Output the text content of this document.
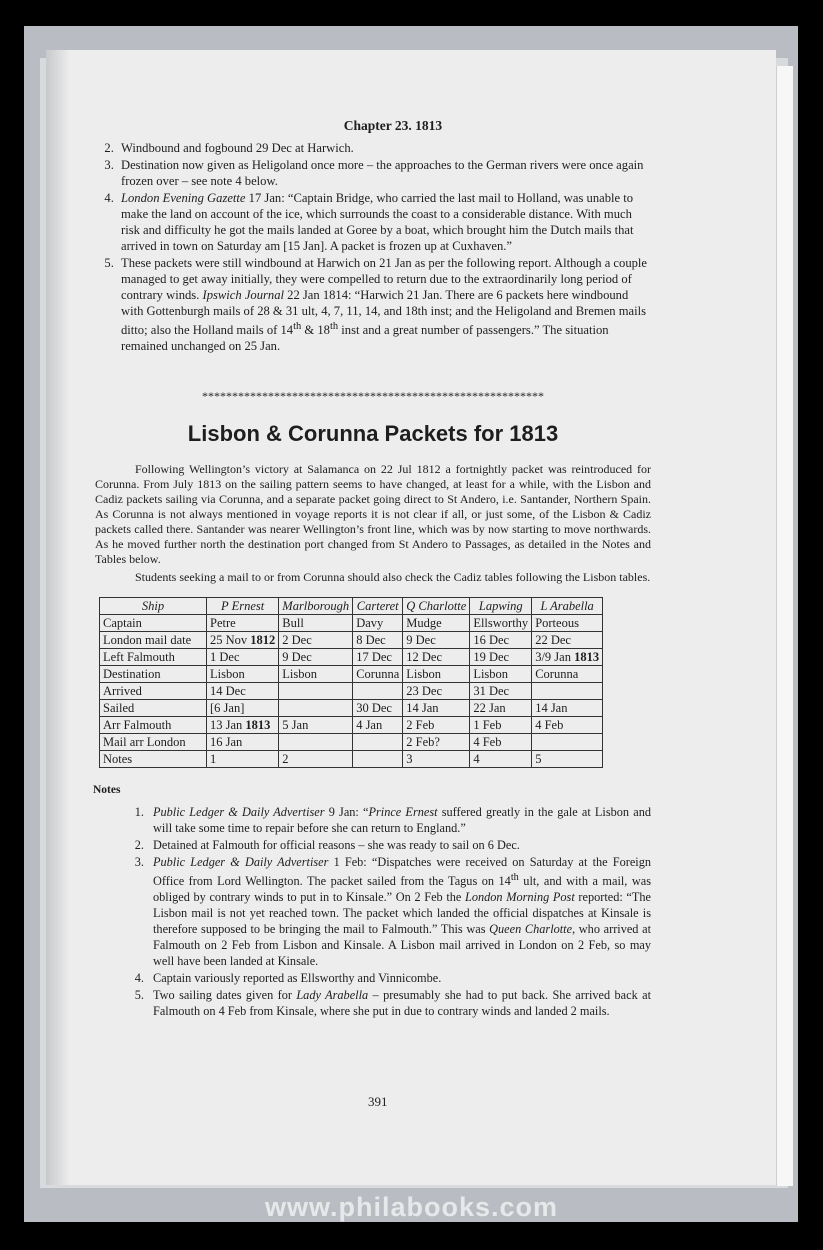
Chapter 23. 1813
2. Windbound and fogbound 29 Dec at Harwich.
3. Destination now given as Heligoland once more – the approaches to the German rivers were once again frozen over – see note 4 below.
4. London Evening Gazette 17 Jan: “Captain Bridge, who carried the last mail to Holland, was unable to make the land on account of the ice, which surrounds the coast to a considerable distance. With much risk and difficulty he got the mails landed at Goree by a boat, which brought him the Dutch mails that arrived in town on Saturday am [15 Jan]. A packet is frozen up at Cuxhaven.”
5. These packets were still windbound at Harwich on 21 Jan as per the following report. Although a couple managed to get away initially, they were compelled to return due to the extraordinarily long period of contrary winds. Ipswich Journal 22 Jan 1814: “Harwich 21 Jan. There are 6 packets here windbound with Gottenburgh mails of 28 & 31 ult, 4, 7, 11, 14, and 18th inst; and the Heligoland and Bremen mails ditto; also the Holland mails of 14th & 18th inst and a great number of passengers.” The situation remained unchanged on 25 Jan.
*********************************************************
Lisbon & Corunna Packets for 1813

Following Wellington’s victory at Salamanca on 22 Jul 1812 a fortnightly packet was reintroduced for Corunna. From July 1813 on the sailing pattern seems to have changed, at least for a while, with the Lisbon and Cadiz packets sailing via Corunna, and a separate packet going direct to St Andero, i.e. Santander, Northern Spain. As Corunna is not always mentioned in voyage reports it is not clear if all, or just some, of the Lisbon & Cadiz packets called there. Santander was nearer Wellington’s front line, which was by now starting to move northwards. As he moved further north the destination port changed from St Andero to Passages, as detailed in the Notes and Tables below.

Students seeking a mail to or from Corunna should also check the Cadiz tables following the Lisbon tables.

Ship	P Ernest	Marlborough	Carteret	Q Charlotte	Lapwing	L Arabella
Captain	Petre	Bull	Davy	Mudge	Ellsworthy	Porteous
London mail date	25 Nov 1812	2 Dec	8 Dec	9 Dec	16 Dec	22 Dec
Left Falmouth	1 Dec	9 Dec	17 Dec	12 Dec	19 Dec	3/9 Jan 1813
Destination	Lisbon	Lisbon	Corunna	Lisbon	Lisbon	Corunna
Arrived	14 Dec			23 Dec	31 Dec	
Sailed	[6 Jan]		30 Dec	14 Jan	22 Jan	14 Jan
Arr Falmouth	13 Jan 1813	5 Jan	4 Jan	2 Feb	1 Feb	4 Feb
Mail arr London	16 Jan			2 Feb?	4 Feb	
Notes	1	2		3	4	5
Notes
1. Public Ledger & Daily Advertiser 9 Jan: “Prince Ernest suffered greatly in the gale at Lisbon and will take some time to repair before she can return to England.”
2. Detained at Falmouth for official reasons – she was ready to sail on 6 Dec.
3. Public Ledger & Daily Advertiser 1 Feb: “Dispatches were received on Saturday at the Foreign Office from Lord Wellington. The packet sailed from the Tagus on 14th ult, and with a mail, was obliged by contrary winds to put in to Kinsale.” On 2 Feb the London Morning Post reported: “The Lisbon mail is not yet reached town. The packet which landed the official dispatches at Kinsale is therefore supposed to be bringing the mail to Falmouth.” This was Queen Charlotte, who arrived at Falmouth on 2 Feb from Lisbon and Kinsale. A Lisbon mail arrived in London on 2 Feb, so may well have been landed at Kinsale.
4. Captain variously reported as Ellsworthy and Vinnicombe.
5. Two sailing dates given for Lady Arabella – presumably she had to put back. She arrived back at Falmouth on 4 Feb from Kinsale, where she put in due to contrary winds and landed 2 mails.
391
www.philabooks.com
